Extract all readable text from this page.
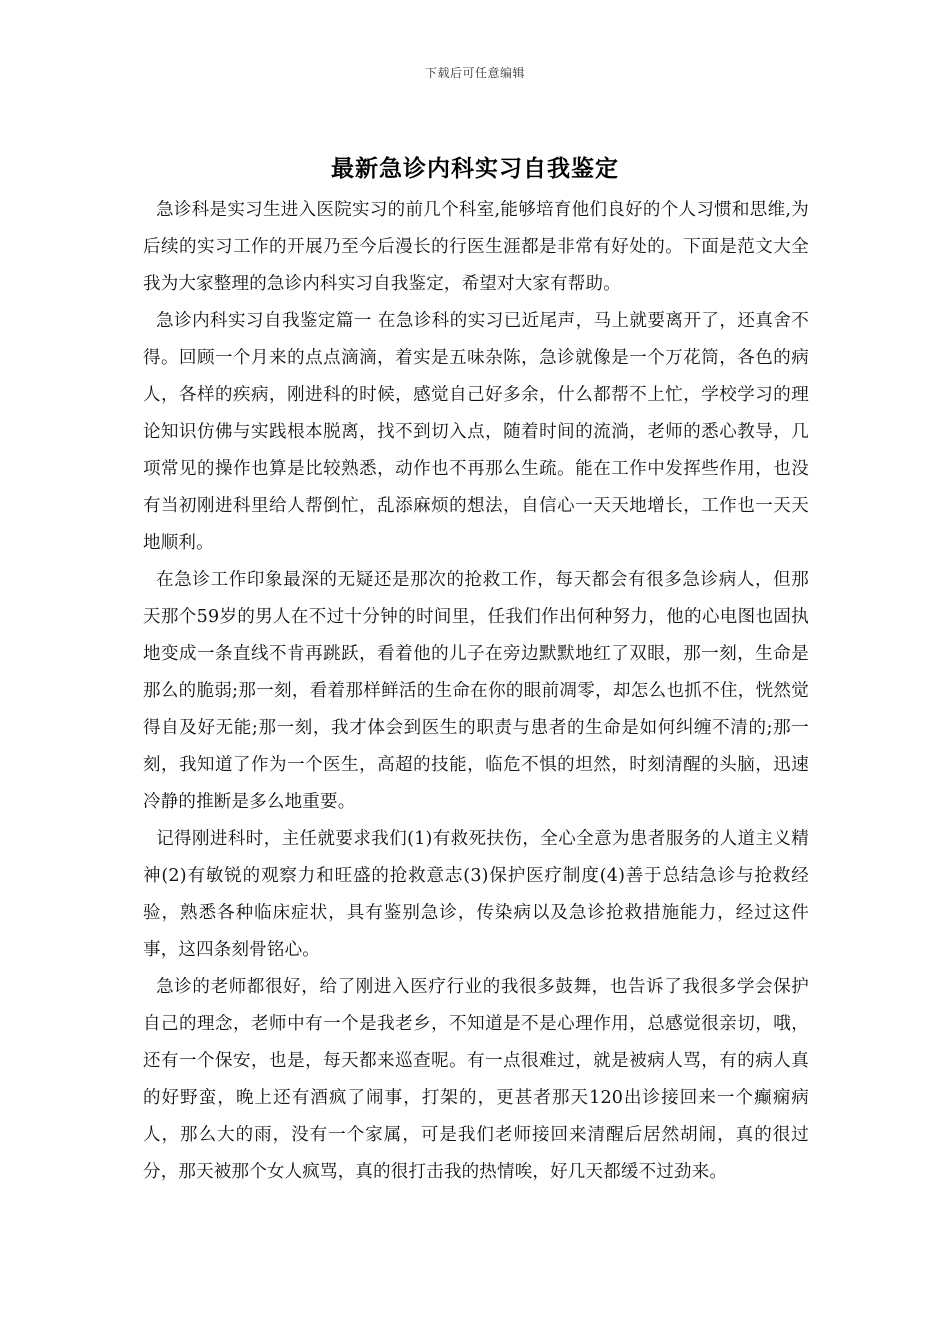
下载后可任意编辑
最新急诊内科实习自我鉴定

急诊科是实习生进入医院实习的前几个科室,能够培育他们良好的个人习惯和思维,为后续的实习工作的开展乃至今后漫长的行医生涯都是非常有好处的。下面是范文大全我为大家整理的急诊内科实习自我鉴定，希望对大家有帮助。

急诊内科实习自我鉴定篇一 在急诊科的实习已近尾声，马上就要离开了，还真舍不得。回顾一个月来的点点滴滴，着实是五味杂陈，急诊就像是一个万花筒，各色的病人，各样的疾病，刚进科的时候，感觉自己好多余，什么都帮不上忙，学校学习的理论知识仿佛与实践根本脱离，找不到切入点，随着时间的流淌，老师的悉心教导，几项常见的操作也算是比较熟悉，动作也不再那么生疏。能在工作中发挥些作用，也没有当初刚进科里给人帮倒忙，乱添麻烦的想法，自信心一天天地增长，工作也一天天地顺利。

在急诊工作印象最深的无疑还是那次的抢救工作，每天都会有很多急诊病人，但那天那个59岁的男人在不过十分钟的时间里，任我们作出何种努力，他的心电图也固执地变成一条直线不肯再跳跃，看着他的儿子在旁边默默地红了双眼，那一刻，生命是那么的脆弱;那一刻，看着那样鲜活的生命在你的眼前凋零，却怎么也抓不住，恍然觉得自及好无能;那一刻，我才体会到医生的职责与患者的生命是如何纠缠不清的;那一刻，我知道了作为一个医生，高超的技能，临危不惧的坦然，时刻清醒的头脑，迅速冷静的推断是多么地重要。

记得刚进科时，主任就要求我们(1)有救死扶伤，全心全意为患者服务的人道主义精神(2)有敏锐的观察力和旺盛的抢救意志(3)保护医疗制度(4)善于总结急诊与抢救经验，熟悉各种临床症状，具有鉴别急诊，传染病以及急诊抢救措施能力，经过这件事，这四条刻骨铭心。

急诊的老师都很好，给了刚进入医疗行业的我很多鼓舞，也告诉了我很多学会保护自己的理念，老师中有一个是我老乡，不知道是不是心理作用，总感觉很亲切，哦，还有一个保安，也是，每天都来巡查呢。有一点很难过，就是被病人骂，有的病人真的好野蛮，晚上还有酒疯了闹事，打架的，更甚者那天120出诊接回来一个癫痫病人，那么大的雨，没有一个家属，可是我们老师接回来清醒后居然胡闹，真的很过分，那天被那个女人疯骂，真的很打击我的热情唉，好几天都缓不过劲来。
